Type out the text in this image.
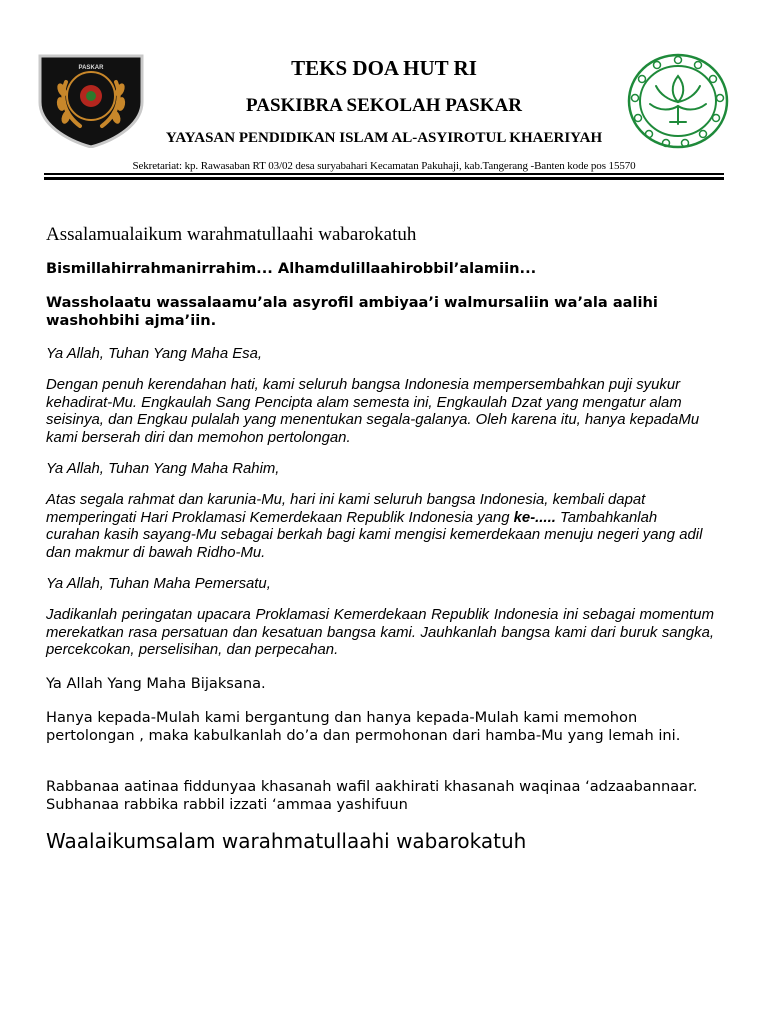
PASKAR	TEKS DOA HUT RI
PASKIBRA SEKOLAH PASKAR
YAYASAN PENDIDIKAN ISLAM AL-ASYIROTUL KHAERIYAH
Sekretariat: kp. Rawasaban RT 03/02 desa suryabahari Kecamatan Pakuhaji, kab.Tangerang -Banten kode pos 15570

Assalamualaikum warahmatullaahi wabarokatuh

Bismillahirrahmanirrahim... Alhamdulillaahirobbil’alamiin...

Wassholaatu wassalaamu’ala asyrofil ambiyaa’i walmursaliin wa’ala aalihi washohbihi ajma’iin.

Ya Allah, Tuhan Yang Maha Esa,

Dengan penuh kerendahan hati, kami seluruh bangsa Indonesia mempersembahkan puji syukur kehadirat-Mu. Engkaulah Sang Pencipta alam semesta ini, Engkaulah Dzat yang mengatur alam seisinya, dan Engkau pulalah yang menentukan segala-galanya. Oleh karena itu, hanya kepadaMu kami berserah diri dan memohon pertolongan.

Ya Allah, Tuhan Yang Maha Rahim,

Atas segala rahmat dan karunia-Mu, hari ini kami seluruh bangsa Indonesia, kembali dapat memperingati Hari Proklamasi Kemerdekaan Republik Indonesia yang ke-..... Tambahkanlah curahan kasih sayang-Mu sebagai berkah bagi kami mengisi kemerdekaan menuju negeri yang adil dan makmur di bawah Ridho-Mu.

Ya Allah, Tuhan Maha Pemersatu,

Jadikanlah peringatan upacara Proklamasi Kemerdekaan Republik Indonesia ini sebagai momentum merekatkan rasa persatuan dan kesatuan bangsa kami. Jauhkanlah bangsa kami dari buruk sangka, percekcokan, perselisihan, dan perpecahan.

Ya Allah Yang Maha Bijaksana.

Hanya kepada-Mulah kami bergantung dan hanya kepada-Mulah kami memohon pertolongan , maka kabulkanlah do’a dan permohonan dari hamba-Mu yang lemah ini.

Rabbanaa aatinaa fiddunyaa khasanah wafil aakhirati khasanah waqinaa ‘adzaabannaar. Subhanaa rabbika rabbil izzati ‘ammaa yashifuun

Waalaikumsalam warahmatullaahi wabarokatuh
